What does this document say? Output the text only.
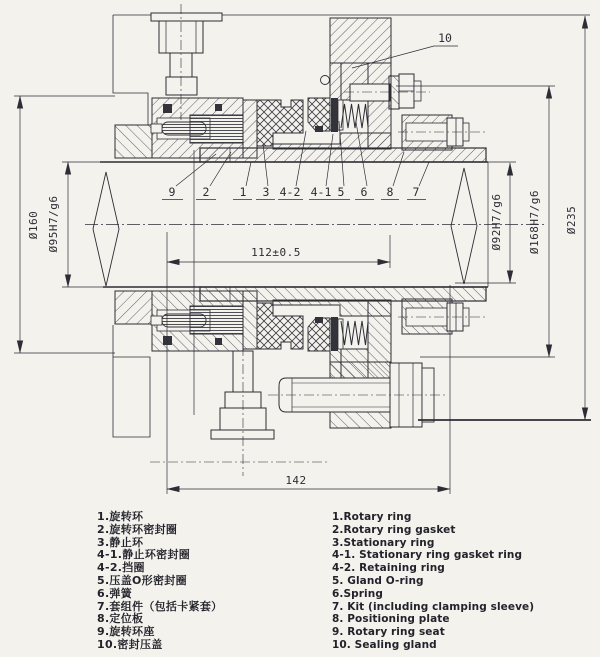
Ø160 Ø95H7/g6	Ø92H7/g6 Ø168H7/g6 Ø235
112±0.5
142
9 2	1 3 4-2 4-1 5 6 8 7
10
1.旋转环
2.旋转环密封圈
3.静止环
4-1.静止环密封圈
4-2.挡圈
5.压盖O形密封圈
6.弹簧
7.套组件（包括卡紧套）
8.定位板
9.旋转环座
10.密封压盖
1.Rotary ring
2.Rotary ring gasket
3.Stationary ring
4-1. Stationary ring gasket ring
4-2. Retaining ring
5. Gland O-ring
6.Spring
7. Kit (including clamping sleeve)
8. Positioning plate
9. Rotary ring seat
10. Sealing gland
